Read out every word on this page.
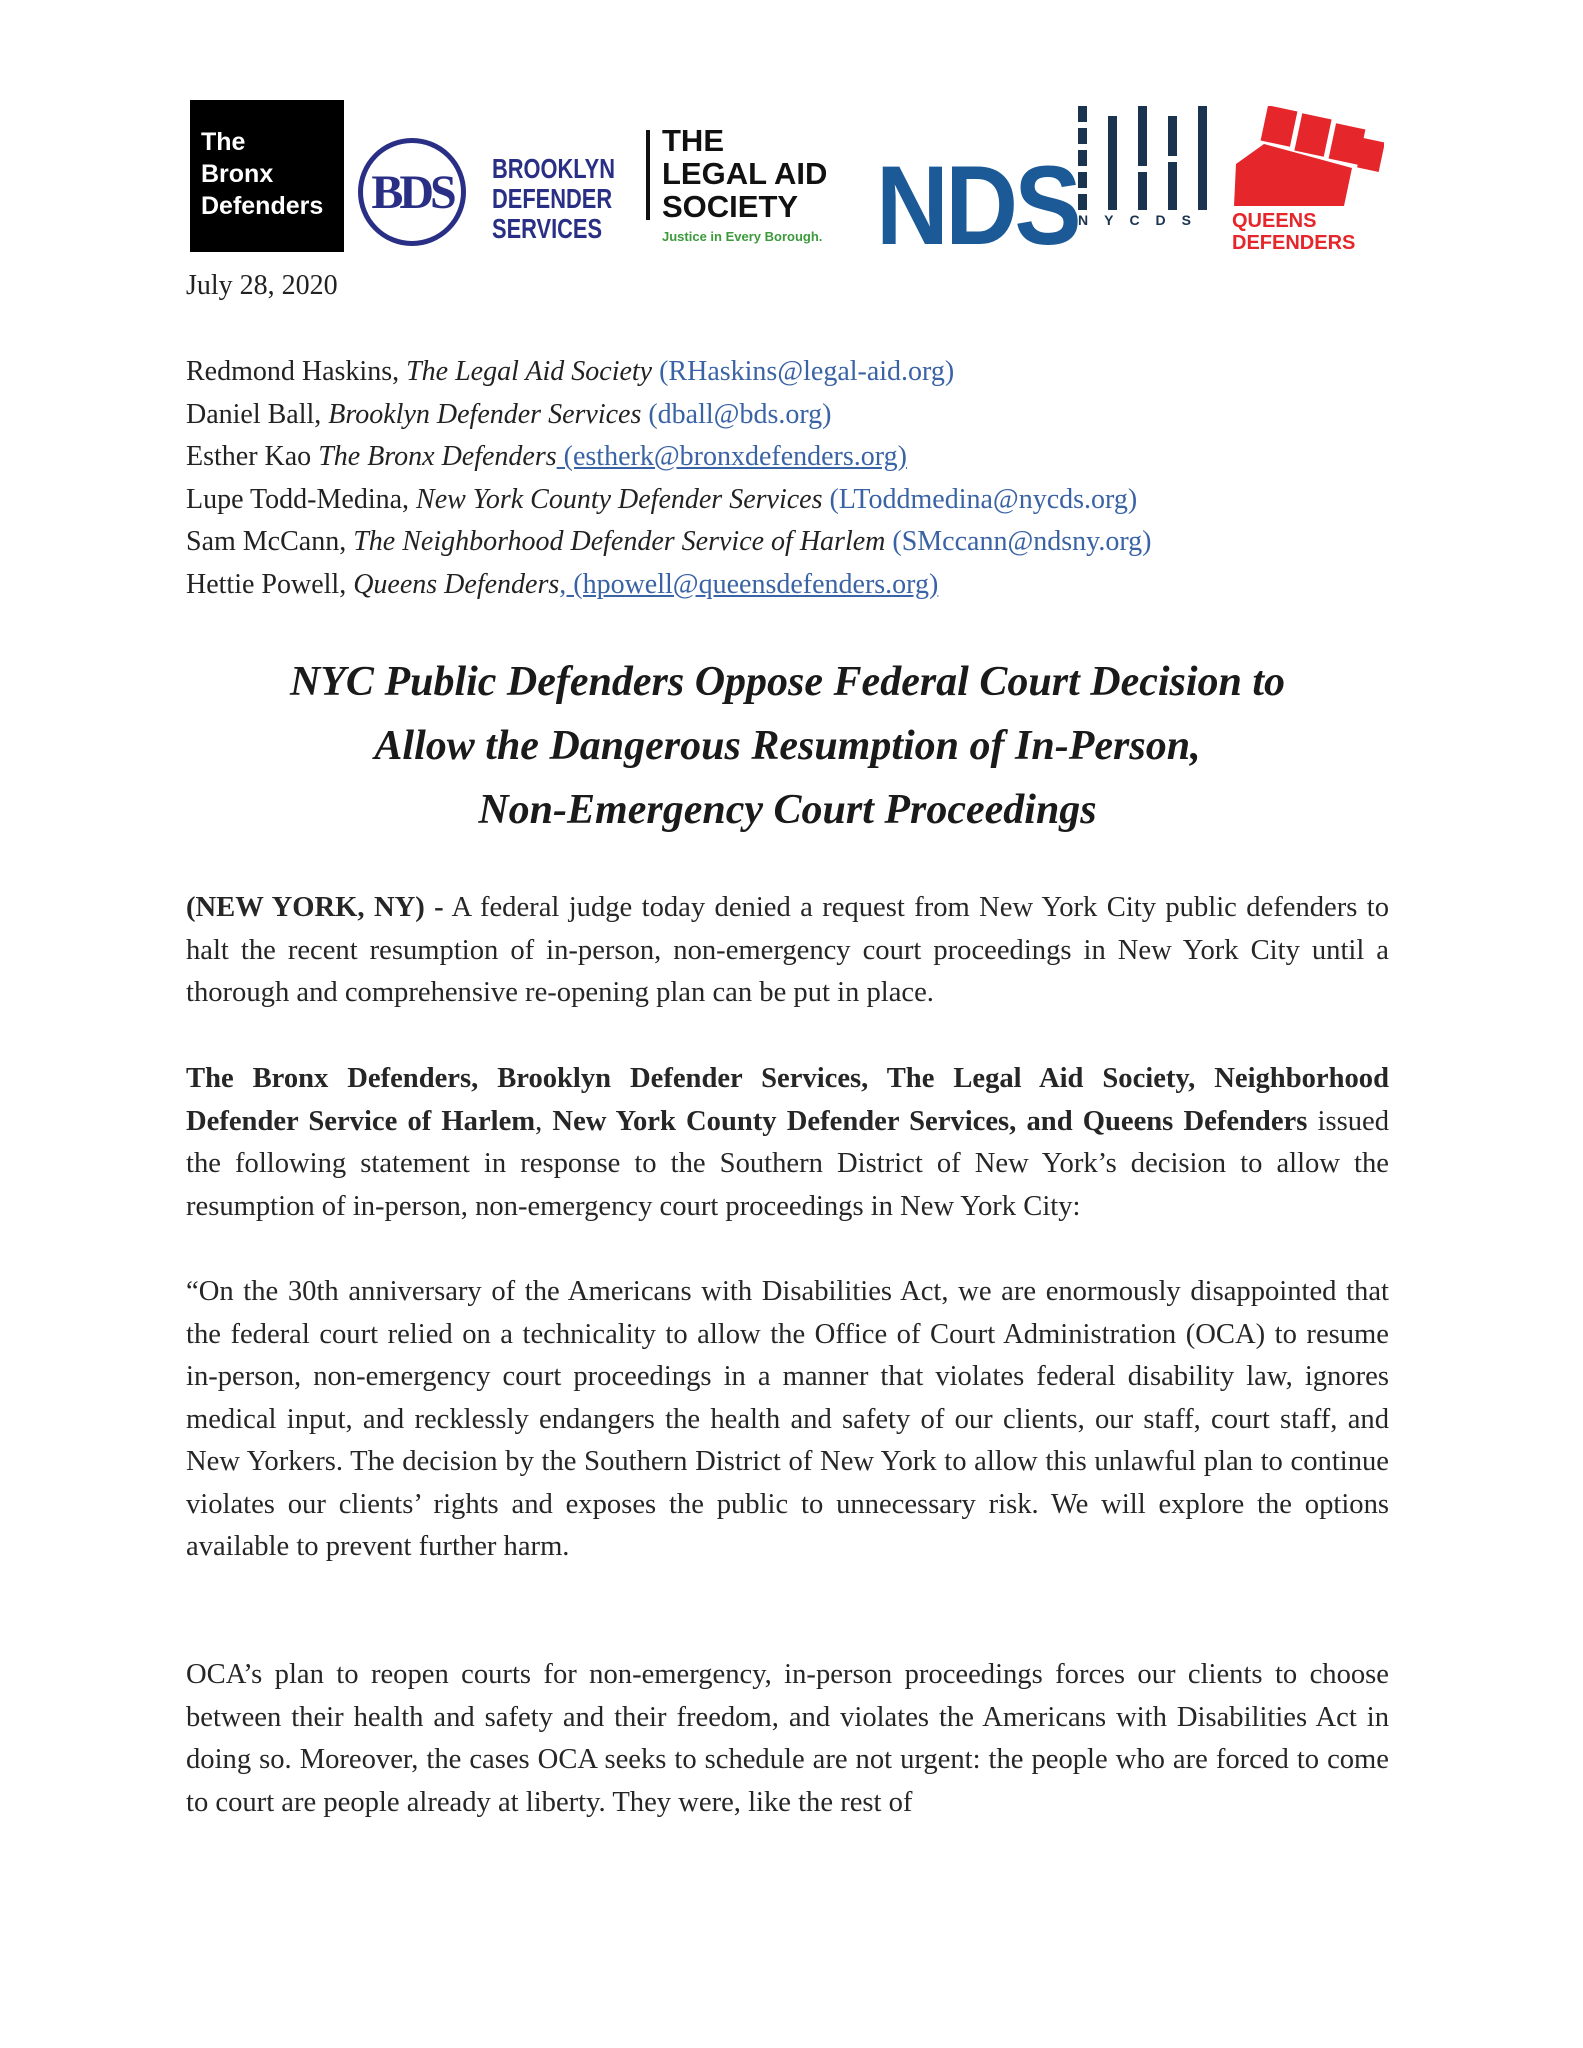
The
Bronx
Defenders	BDS BROOKLYN
DEFENDER
SERVICES
THE
LEGAL AID
SOCIETY
Justice in Every Borough. NDS NYCDS QUEENS
DEFENDERS
July 28, 2020
Redmond Haskins, The Legal Aid Society (RHaskins@legal-aid.org)
Daniel Ball, Brooklyn Defender Services (dball@bds.org)
Esther Kao The Bronx Defenders (estherk@bronxdefenders.org)
Lupe Todd-Medina, New York County Defender Services (LToddmedina@nycds.org)
Sam McCann, The Neighborhood Defender Service of Harlem (SMccann@ndsny.org)
Hettie Powell, Queens Defenders, (hpowell@queensdefenders.org)
NYC Public Defenders Oppose Federal Court Decision to
Allow the Dangerous Resumption of In-Person,
Non-Emergency Court Proceedings
(NEW YORK, NY) - A federal judge today denied a request from New York City public defenders to halt the recent resumption of in-person, non-emergency court proceedings in New York City until a thorough and comprehensive re-opening plan can be put in place.
The Bronx Defenders, Brooklyn Defender Services, The Legal Aid Society, Neighborhood Defender Service of Harlem, New York County Defender Services, and Queens Defenders issued the following statement in response to the Southern District of New York’s decision to allow the resumption of in-person, non-emergency court proceedings in New York City:
“On the 30th anniversary of the Americans with Disabilities Act, we are enormously disappointed that the federal court relied on a technicality to allow the Office of Court Administration (OCA) to resume in-person, non-emergency court proceedings in a manner that violates federal disability law, ignores medical input, and recklessly endangers the health and safety of our clients, our staff, court staff, and New Yorkers. The decision by the Southern District of New York to allow this unlawful plan to continue violates our clients’ rights and exposes the public to unnecessary risk. We will explore the options available to prevent further harm.
OCA’s plan to reopen courts for non-emergency, in-person proceedings forces our clients to choose between their health and safety and their freedom, and violates the Americans with Disabilities Act in doing so. Moreover, the cases OCA seeks to schedule are not urgent: the people who are forced to come to court are people already at liberty. They were, like the rest of
